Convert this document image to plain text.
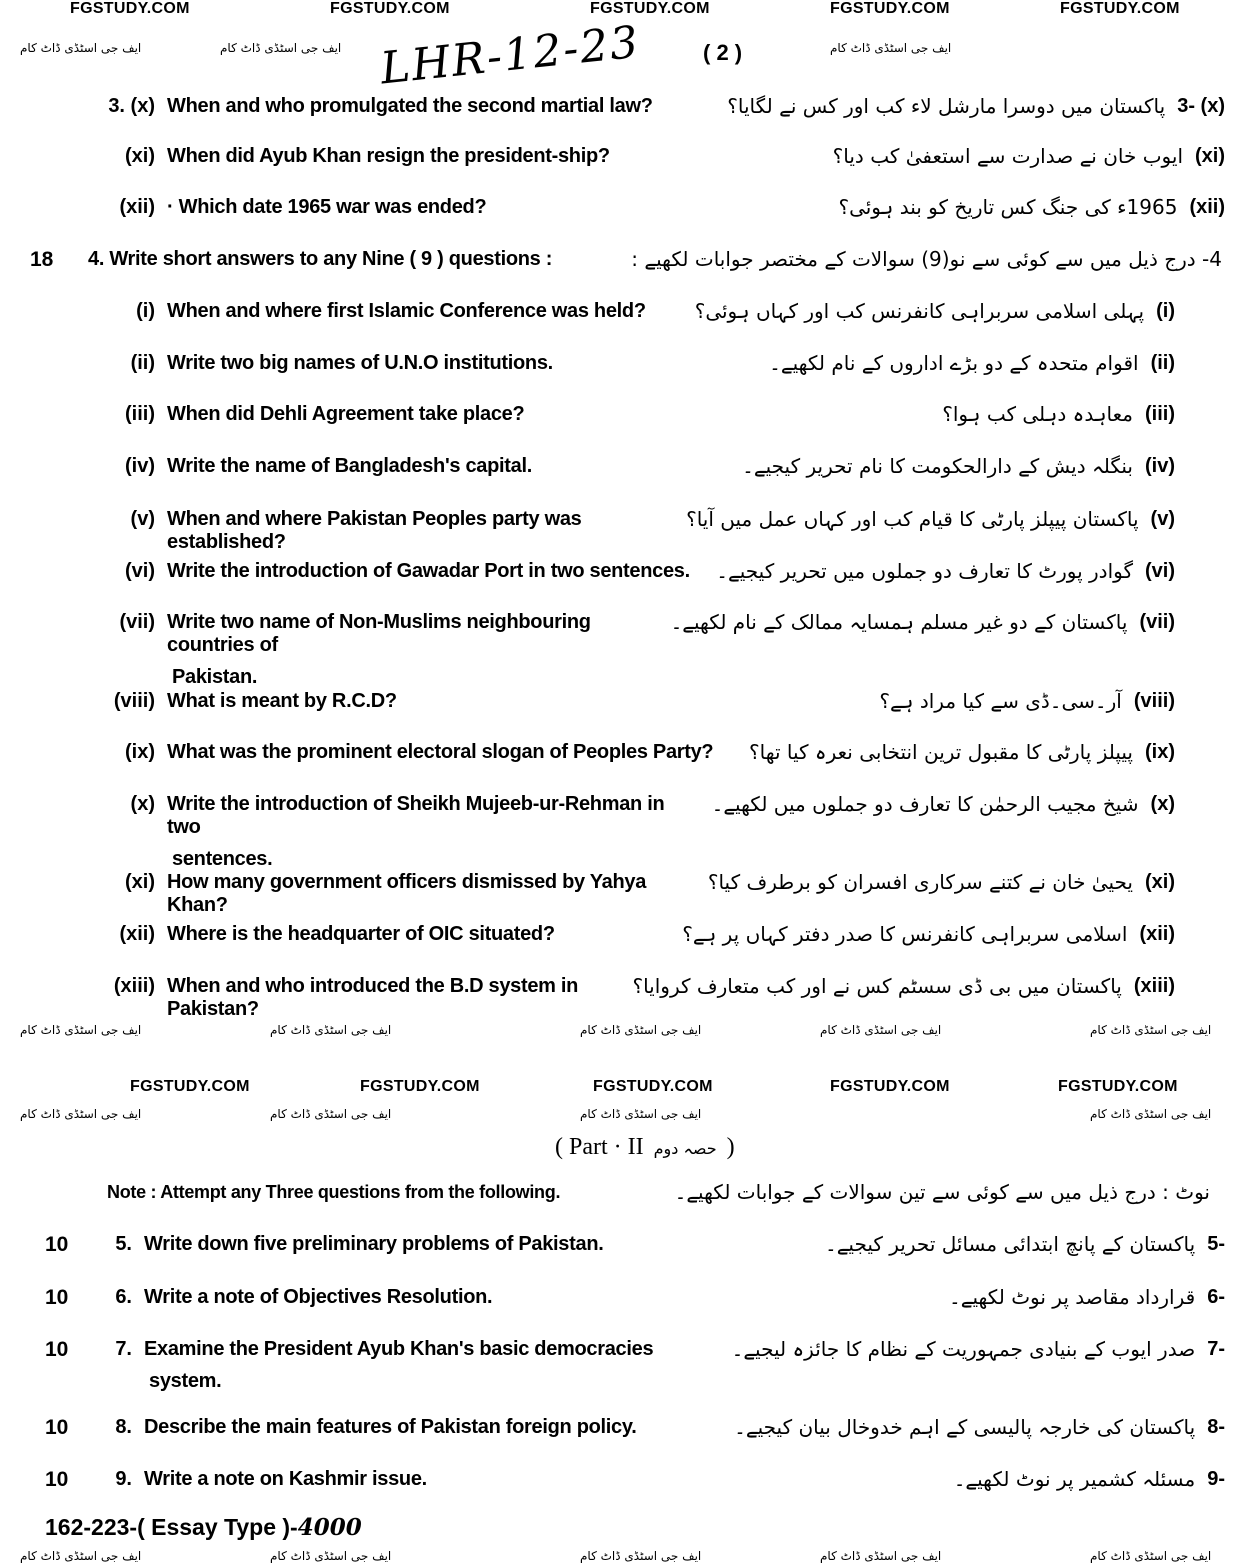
FGSTUDY.COM	FGSTUDY.COM	FGSTUDY.COM	FGSTUDY.COM	FGSTUDY.COM
FGSTUDY.COM	FGSTUDY.COM	FGSTUDY.COM	FGSTUDY.COM	FGSTUDY.COM
ایف جی اسٹڈی ڈاٹ کام	ایف جی اسٹڈی ڈاٹ کام	ایف جی اسٹڈی ڈاٹ کام
ایف جی اسٹڈی ڈاٹ کام	ایف جی اسٹڈی ڈاٹ کام	ایف جی اسٹڈی ڈاٹ کام	ایف جی اسٹڈی ڈاٹ کام	ایف جی اسٹڈی ڈاٹ کام
ایف جی اسٹڈی ڈاٹ کام	ایف جی اسٹڈی ڈاٹ کام	ایف جی اسٹڈی ڈاٹ کام	ایف جی اسٹڈی ڈاٹ کام
ایف جی اسٹڈی ڈاٹ کام	ایف جی اسٹڈی ڈاٹ کام	ایف جی اسٹڈی ڈاٹ کام	ایف جی اسٹڈی ڈاٹ کام	ایف جی اسٹڈی ڈاٹ کام
LHR-12-23	( 2 )
3. (x) When and who promulgated the second martial law?	پاکستان میں دوسرا مارشل لاء کب اور کس نے لگایا؟ 3- (x)
(xi) When did Ayub Khan resign the president-ship?	ایوب خان نے صدارت سے استعفیٰ کب دیا؟ (xi)
(xii) · Which date 1965 war was ended?	1965ء کی جنگ کس تاریخ کو بند ہوئی؟ (xii)
18	4. Write short answers to any Nine ( 9 ) questions :	4- درج ذیل میں سے کوئی سے نو(9) سوالات کے مختصر جوابات لکھیے :
(i) When and where first Islamic Conference was held?	پہلی اسلامی سربراہی کانفرنس کب اور کہاں ہوئی؟ (i)
(ii) Write two big names of U.N.O institutions.	اقوام متحدہ کے دو بڑے اداروں کے نام لکھیے۔ (ii)
(iii) When did Dehli Agreement take place?	معاہدہ دہلی کب ہوا؟ (iii)
(iv) Write the name of Bangladesh's capital.	بنگلہ دیش کے دارالحکومت کا نام تحریر کیجیے۔ (iv)
(v) When and where Pakistan Peoples party was established?
پاکستان پیپلز پارٹی کا قیام کب اور کہاں عمل میں آیا؟ (v)
(vi) Write the introduction of Gawadar Port in two sentences.	گوادر پورٹ کا تعارف دو جملوں میں تحریر کیجیے۔ (vi)
(vii) Write two name of Non-Muslims neighbouring countries of
Pakistan.
پاکستان کے دو غیر مسلم ہمسایہ ممالک کے نام لکھیے۔ (vii)
(viii) What is meant by R.C.D?	آر۔سی۔ڈی سے کیا مراد ہے؟ (viii)
(ix) What was the prominent electoral slogan of Peoples Party?	پیپلز پارٹی کا مقبول ترین انتخابی نعرہ کیا تھا؟ (ix)
(x) Write the introduction of Sheikh Mujeeb-ur-Rehman in two
sentences.
شیخ مجیب الرحمٰن کا تعارف دو جملوں میں لکھیے۔ (x)
(xi) How many government officers dismissed by Yahya Khan?
یحییٰ خان نے کتنے سرکاری افسران کو برطرف کیا؟ (xi)
(xii) Where is the headquarter of OIC situated?	اسلامی سربراہی کانفرنس کا صدر دفتر کہاں پر ہے؟ (xii)
(xiii) When and who introduced the B.D system in Pakistan?
پاکستان میں بی ڈی سسٹم کس نے اور کب متعارف کروایا؟ (xiii)
( Part · II حصہ دوم )
Note : Attempt any Three questions from the following.	نوٹ : درج ذیل میں سے کوئی سے تین سوالات کے جوابات لکھیے۔
10	5. Write down five preliminary problems of Pakistan.	پاکستان کے پانچ ابتدائی مسائل تحریر کیجیے۔ 5-
10	6. Write a note of Objectives Resolution.	قرارداد مقاصد پر نوٹ لکھیے۔ 6-
10	7. Examine the President Ayub Khan's basic democracies
system.
صدر ایوب کے بنیادی جمہوریت کے نظام کا جائزہ لیجیے۔ 7-
10	8. Describe the main features of Pakistan foreign policy.	پاکستان کی خارجہ پالیسی کے اہم خدوخال بیان کیجیے۔ 8-
10	9. Write a note on Kashmir issue.	مسئلہ کشمیر پر نوٹ لکھیے۔ 9-
162-223-( Essay Type )-4000
